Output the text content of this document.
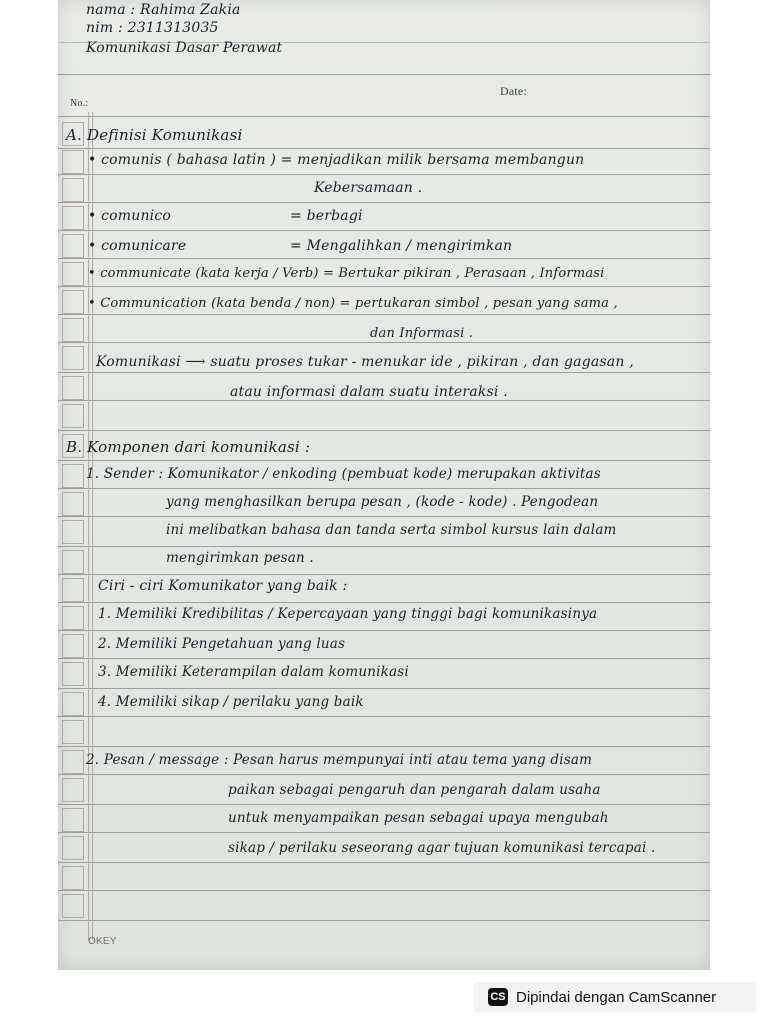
nama : Rahima Zakia
nim : 2311313035
Komunikasi Dasar Perawat
No.:
Date:
A. Definisi Komunikasi
• comunis ( bahasa latin ) = menjadikan milik bersama membangun
Kebersamaan .
• comunico	= berbagi
• comunicare	= Mengalihkan / mengirimkan
• communicate (kata kerja / Verb) = Bertukar pikiran , Perasaan , Informasi
• Communication (kata benda / non) = pertukaran simbol , pesan yang sama ,
dan Informasi .
Komunikasi ⟶ suatu proses tukar - menukar ide , pikiran , dan gagasan ,
atau informasi dalam suatu interaksi .
B. Komponen dari komunikasi :
1. Sender : Komunikator / enkoding (pembuat kode) merupakan aktivitas
yang menghasilkan berupa pesan , (kode - kode) . Pengodean
ini melibatkan bahasa dan tanda serta simbol kursus lain dalam
mengirimkan pesan .
Ciri - ciri Komunikator yang baik :
1. Memiliki Kredibilitas / Kepercayaan yang tinggi bagi komunikasinya
2. Memiliki Pengetahuan yang luas
3. Memiliki Keterampilan dalam komunikasi
4. Memiliki sikap / perilaku yang baik
2. Pesan / message : Pesan harus mempunyai inti atau tema yang disam
paikan sebagai pengaruh dan pengarah dalam usaha
untuk menyampaikan pesan sebagai upaya mengubah
sikap / perilaku seseorang agar tujuan komunikasi tercapai .
OKEY
CS Dipindai dengan CamScanner
